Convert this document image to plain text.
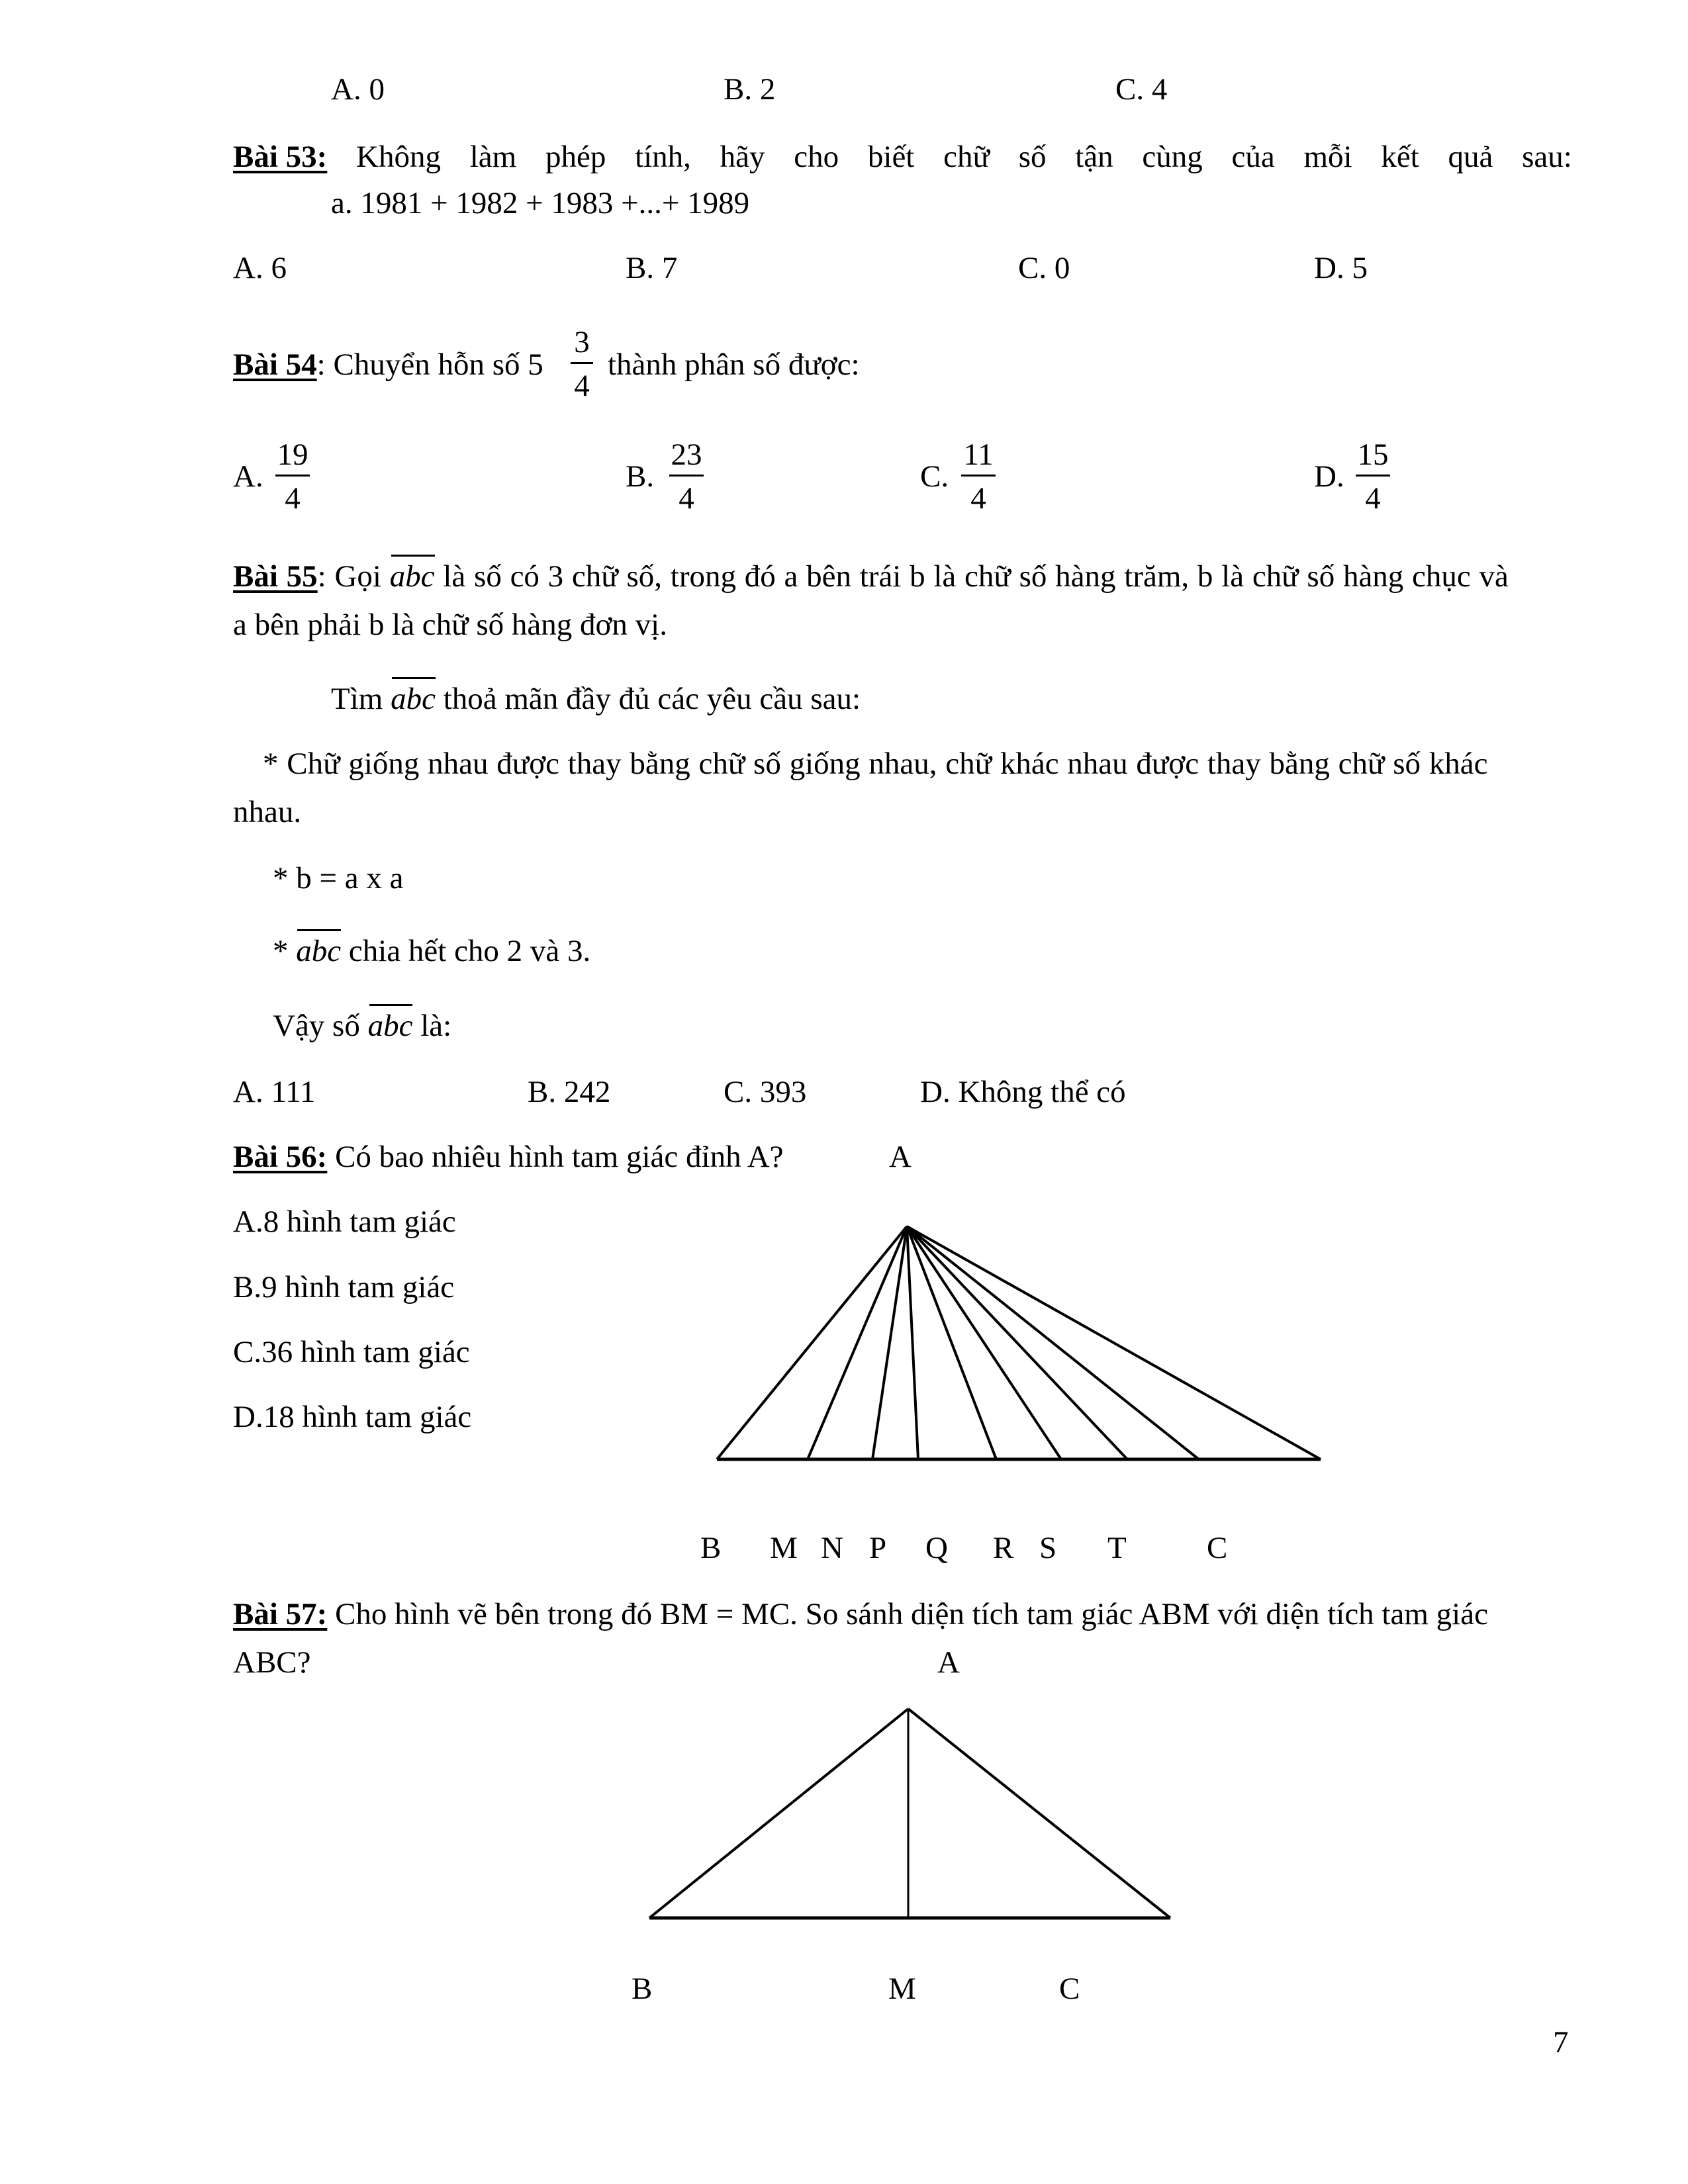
A. 0	B. 2	C. 4
Bài 53: Không làm phép tính, hãy cho biết chữ số tận cùng của mỗi kết quả sau:
a. 1981 + 1982 + 1983 +...+ 1989
A. 6	B. 7	C. 0	D. 5
Bài 54: Chuyển hỗn số 5
3
4
thành phân số được:
A.
19
4
B.
23
4
C.
11
4
D.
15
4
Bài 55: Gọi abc là số có 3 chữ số, trong đó a bên trái b là chữ số hàng trăm, b là chữ số hàng chục và
a bên phải b là chữ số hàng đơn vị.
Tìm abc thoả mãn đầy đủ các yêu cầu sau:
* Chữ giống nhau được thay bằng chữ số giống nhau, chữ khác nhau được thay bằng chữ số khác
nhau.
* b = a x a
* abc chia hết cho 2 và 3.
Vậy số abc là:
A. 111	B. 242	C. 393	D. Không thể có
Bài 56: Có bao nhiêu hình tam giác đỉnh A?	A
A.8 hình tam giác
B.9 hình tam giác
C.36 hình tam giác
D.18 hình tam giác
B M N P Q R S T	C
Bài 57: Cho hình vẽ bên trong đó BM = MC. So sánh diện tích tam giác ABM với diện tích tam giác
ABC?	A
B	M	C
7
